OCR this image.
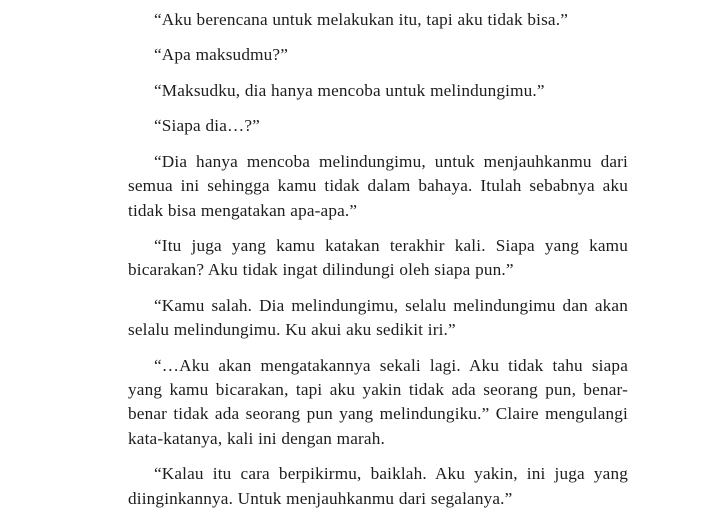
“Aku berencana untuk melakukan itu, tapi aku tidak bisa.”

“Apa maksudmu?”

“Maksudku, dia hanya mencoba untuk melindungimu.”

“Siapa dia…?”

“Dia hanya mencoba melindungimu, untuk menjauhkanmu dari semua ini sehingga kamu tidak dalam bahaya. Itulah sebabnya aku tidak bisa mengatakan apa-apa.”

“Itu juga yang kamu katakan terakhir kali. Siapa yang kamu bicarakan? Aku tidak ingat dilindungi oleh siapa pun.”

“Kamu salah. Dia melindungimu, selalu melindungimu dan akan selalu melindungimu. Ku akui aku sedikit iri.”

“…Aku akan mengatakannya sekali lagi. Aku tidak tahu siapa yang kamu bicarakan, tapi aku yakin tidak ada seorang pun, benar-benar tidak ada seorang pun yang melindungiku.” Claire mengulangi kata-katanya, kali ini dengan marah.

“Kalau itu cara berpikirmu, baiklah. Aku yakin, ini juga yang diinginkannya. Untuk menjauhkanmu dari segalanya.”
